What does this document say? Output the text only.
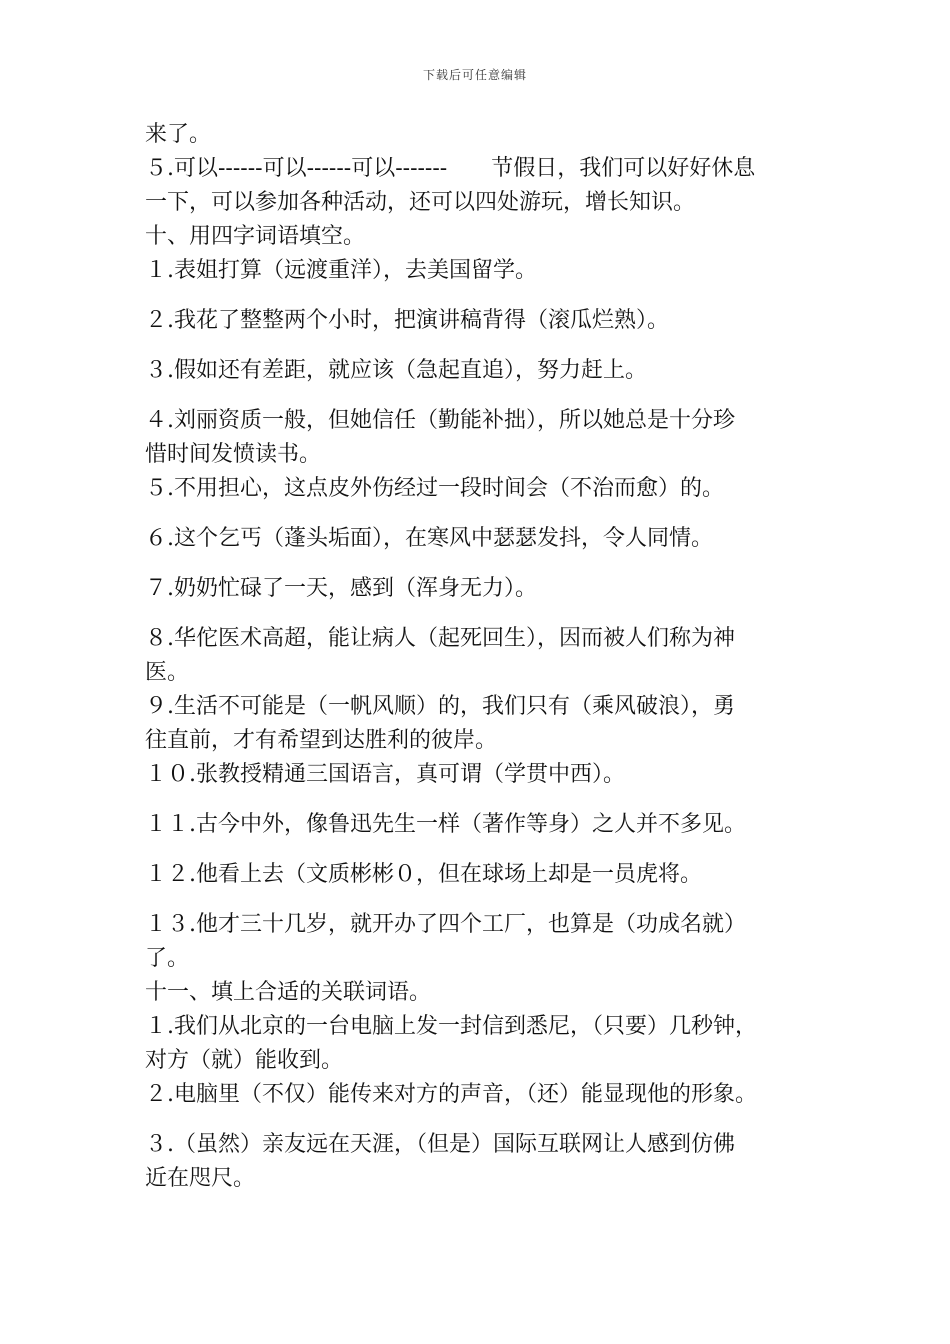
下载后可任意编辑
来了。
５.可以------可以------可以-------　　节假日，我们可以好好休息
一下，可以参加各种活动，还可以四处游玩，增长知识。
十、用四字词语填空。
１.表姐打算（远渡重洋），去美国留学。
２.我花了整整两个小时，把演讲稿背得（滚瓜烂熟）。
３.假如还有差距，就应该（急起直追），努力赶上。
４.刘丽资质一般，但她信任（勤能补拙），所以她总是十分珍
惜时间发愤读书。
５.不用担心，这点皮外伤经过一段时间会（不治而愈）的。
６.这个乞丐（蓬头垢面），在寒风中瑟瑟发抖，令人同情。
７.奶奶忙碌了一天，感到（浑身无力）。
８.华佗医术高超，能让病人（起死回生），因而被人们称为神
医。
９.生活不可能是（一帆风顺）的，我们只有（乘风破浪），勇
往直前，才有希望到达胜利的彼岸。
１０.张教授精通三国语言，真可谓（学贯中西）。
１１.古今中外，像鲁迅先生一样（著作等身）之人并不多见。
１２.他看上去（文质彬彬０，但在球场上却是一员虎将。
１３.他才三十几岁，就开办了四个工厂，也算是（功成名就）
了。
十一、填上合适的关联词语。
１.我们从北京的一台电脑上发一封信到悉尼，（只要）几秒钟，
对方（就）能收到。
２.电脑里（不仅）能传来对方的声音，（还）能显现他的形象。
３.（虽然）亲友远在天涯，（但是）国际互联网让人感到仿佛
近在咫尺。
